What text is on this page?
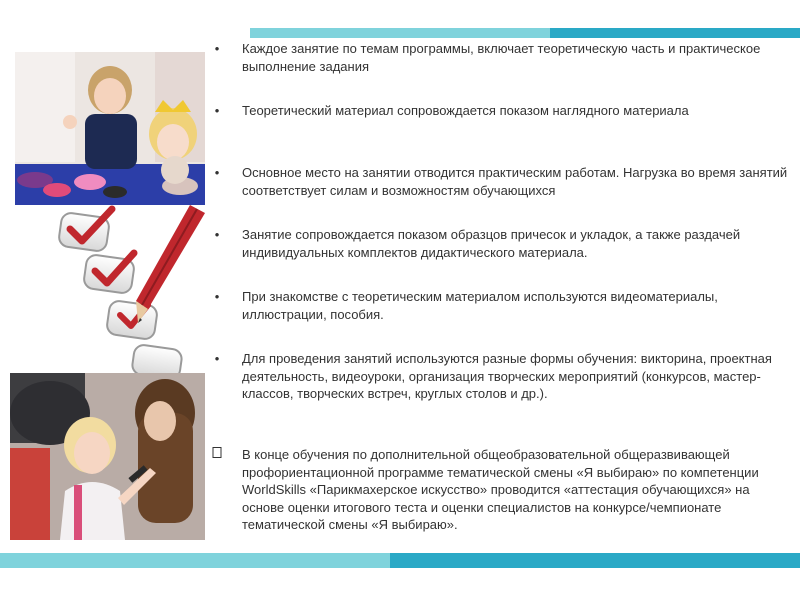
•	Каждое занятие по темам программы, включает теоретическую часть и практическое выполнение задания
•	Теоретический материал сопровождается показом наглядного материала
•	Основное место на занятии отводится практическим работам. Нагрузка во время занятий соответствует силам и возможностям обучающихся
•	Занятие сопровождается показом образцов причесок и укладок, а также раздачей индивидуальных комплектов дидактического материала.
•	При знакомстве с теоретическим материалом используются видеоматериалы, иллюстрации, пособия.
•	Для проведения занятий используются разные формы обучения: викторина, проектная деятельность, видеоуроки, организация творческих мероприятий (конкурсов, мастер-классов, творческих встреч, круглых столов и др.).
В конце обучения по дополнительной общеобразовательной общеразвивающей профориентационной программе тематической смены «Я выбираю» по компетенции WorldSkills «Парикмахерское искусство» проводится «аттестация обучающихся» на основе оценки итогового теста и оценки специалистов на конкурсе/чемпионате тематической смены «Я выбираю».
